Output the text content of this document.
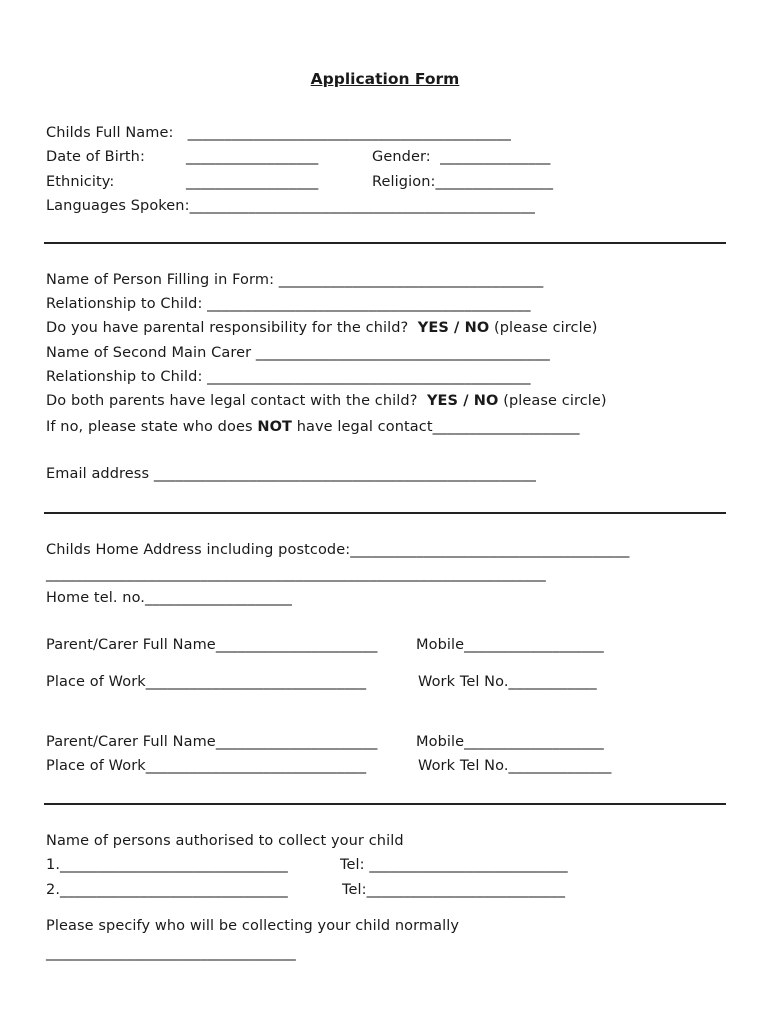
Application Form
Childs Full Name:   ____________________________________________
Date of Birth:	__________________	Gender:  _______________
Ethnicity:	__________________	Religion:________________
Languages Spoken:_______________________________________________
Name of Person Filling in Form: ____________________________________
Relationship to Child: ____________________________________________
Do you have parental responsibility for the child? YES / NO (please circle)
Name of Second Main Carer ________________________________________
Relationship to Child: ____________________________________________
Do both parents have legal contact with the child? YES / NO (please circle)
If no, please state who does NOT have legal contact____________________
Email address ____________________________________________________
Childs Home Address including postcode:______________________________________
____________________________________________________________________
Home tel. no.____________________
Parent/Carer Full Name______________________	Mobile___________________
Place of Work______________________________	Work Tel No.____________
Parent/Carer Full Name______________________	Mobile___________________
Place of Work______________________________	Work Tel No.______________
Name of persons authorised to collect your child
1._______________________________	Tel: ___________________________
2._______________________________	Tel:___________________________
Please specify who will be collecting your child normally
__________________________________
